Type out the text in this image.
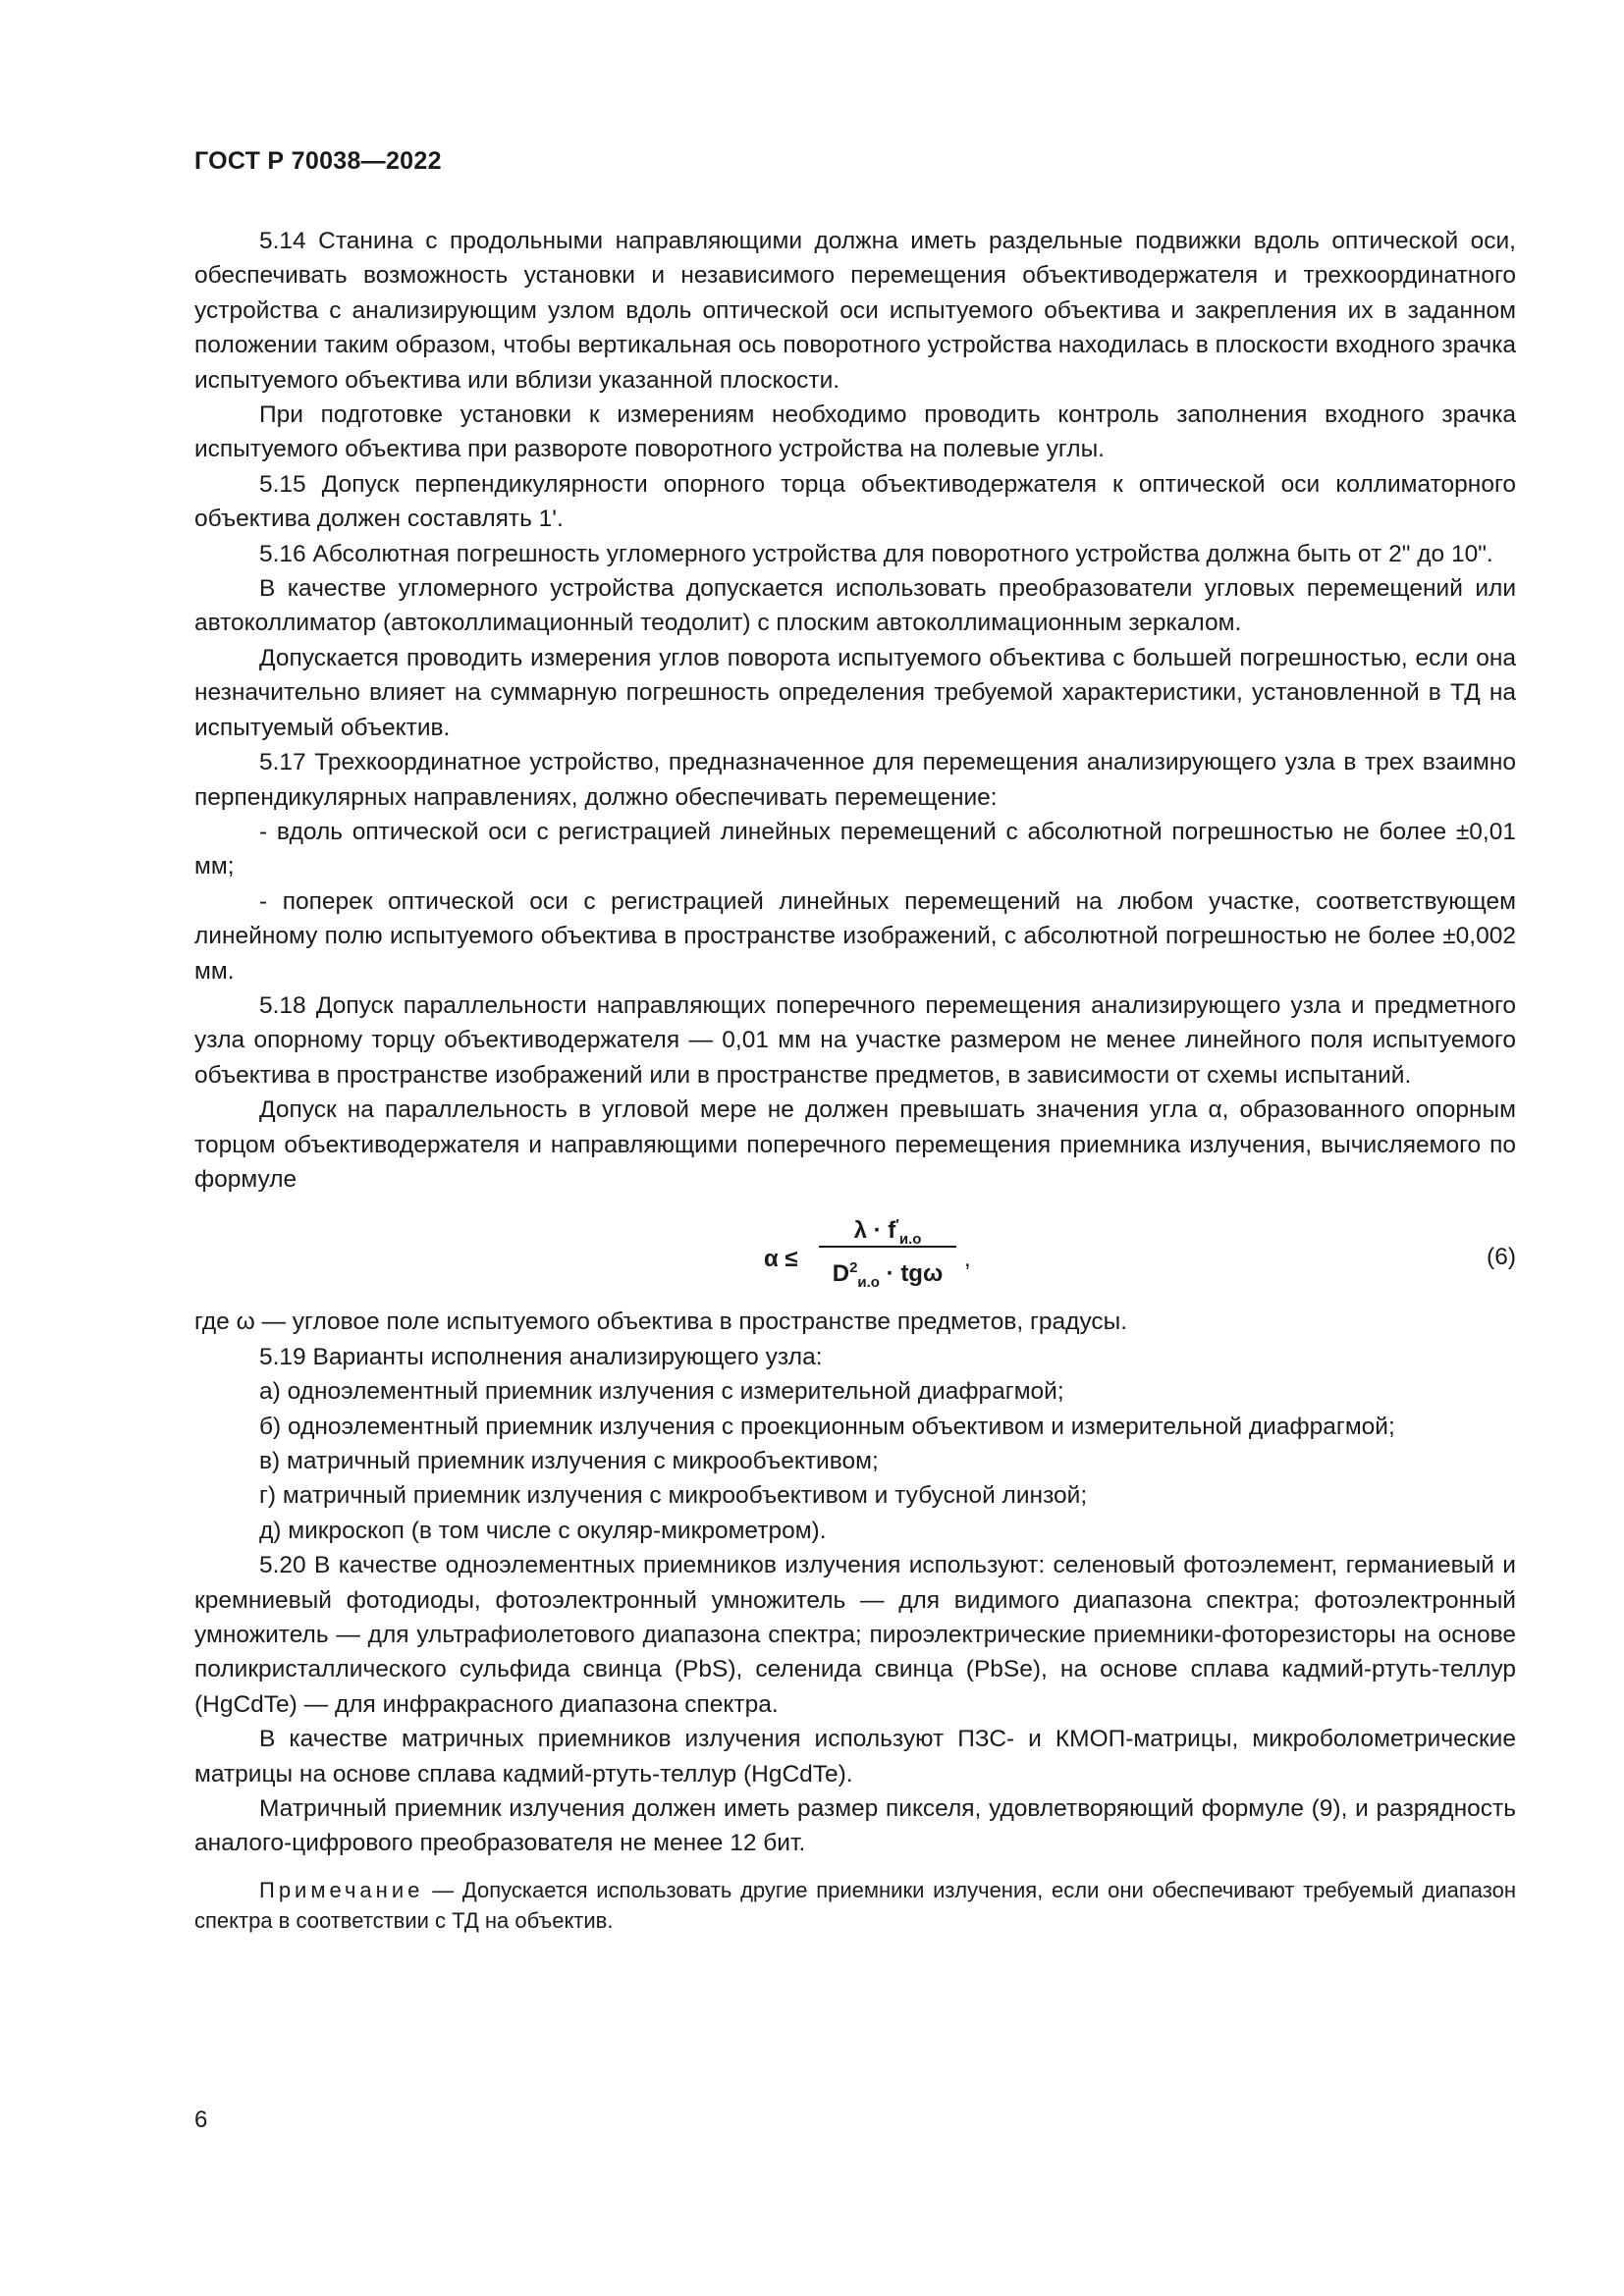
ГОСТ Р 70038—2022

5.14 Станина с продольными направляющими должна иметь раздельные подвижки вдоль оптической оси, обеспечивать возможность установки и независимого перемещения объективодержателя и трехкоординатного устройства с анализирующим узлом вдоль оптической оси испытуемого объектива и закрепления их в заданном положении таким образом, чтобы вертикальная ось поворотного устройства находилась в плоскости входного зрачка испытуемого объектива или вблизи указанной плоскости.

При подготовке установки к измерениям необходимо проводить контроль заполнения входного зрачка испытуемого объектива при развороте поворотного устройства на полевые углы.

5.15 Допуск перпендикулярности опорного торца объективодержателя к оптической оси коллиматорного объектива должен составлять 1'.

5.16 Абсолютная погрешность угломерного устройства для поворотного устройства должна быть от 2" до 10".

В качестве угломерного устройства допускается использовать преобразователи угловых перемещений или автоколлиматор (автоколлимационный теодолит) с плоским автоколлимационным зеркалом.

Допускается проводить измерения углов поворота испытуемого объектива с большей погрешностью, если она незначительно влияет на суммарную погрешность определения требуемой характеристики, установленной в ТД на испытуемый объектив.

5.17 Трехкоординатное устройство, предназначенное для перемещения анализирующего узла в трех взаимно перпендикулярных направлениях, должно обеспечивать перемещение:

- вдоль оптической оси с регистрацией линейных перемещений с абсолютной погрешностью не более ±0,01 мм;

- поперек оптической оси с регистрацией линейных перемещений на любом участке, соответствующем линейному полю испытуемого объектива в пространстве изображений, с абсолютной погрешностью не более ±0,002 мм.

5.18 Допуск параллельности направляющих поперечного перемещения анализирующего узла и предметного узла опорному торцу объективодержателя — 0,01 мм на участке размером не менее линейного поля испытуемого объектива в пространстве изображений или в пространстве предметов, в зависимости от схемы испытаний.

Допуск на параллельность в угловой мере не должен превышать значения угла α, образованного опорным торцом объективодержателя и направляющими поперечного перемещения приемника излучения, вычисляемого по формуле

α ≤
$\lambda \cdot f'_{и.о}$
$D^2_{и.о} \cdot tg\omega$
,	(6)

где ω — угловое поле испытуемого объектива в пространстве предметов, градусы.

5.19 Варианты исполнения анализирующего узла:

а) одноэлементный приемник излучения с измерительной диафрагмой;

б) одноэлементный приемник излучения с проекционным объективом и измерительной диафрагмой;

в) матричный приемник излучения с микрообъективом;

г) матричный приемник излучения с микрообъективом и тубусной линзой;

д) микроскоп (в том числе с окуляр-микрометром).

5.20 В качестве одноэлементных приемников излучения используют: селеновый фотоэлемент, германиевый и кремниевый фотодиоды, фотоэлектронный умножитель — для видимого диапазона спектра; фотоэлектронный умножитель — для ультрафиолетового диапазона спектра; пироэлектрические приемники-фоторезисторы на основе поликристаллического сульфида свинца (PbS), селенида свинца (PbSe), на основе сплава кадмий-ртуть-теллур (HgCdTe) — для инфракрасного диапазона спектра.

В качестве матричных приемников излучения используют ПЗС- и КМОП-матрицы, микроболометрические матрицы на основе сплава кадмий-ртуть-теллур (HgCdTe).

Матричный приемник излучения должен иметь размер пикселя, удовлетворяющий формуле (9), и разрядность аналого-цифрового преобразователя не менее 12 бит.

Примечание — Допускается использовать другие приемники излучения, если они обеспечивают требуемый диапазон спектра в соответствии с ТД на объектив.

6
